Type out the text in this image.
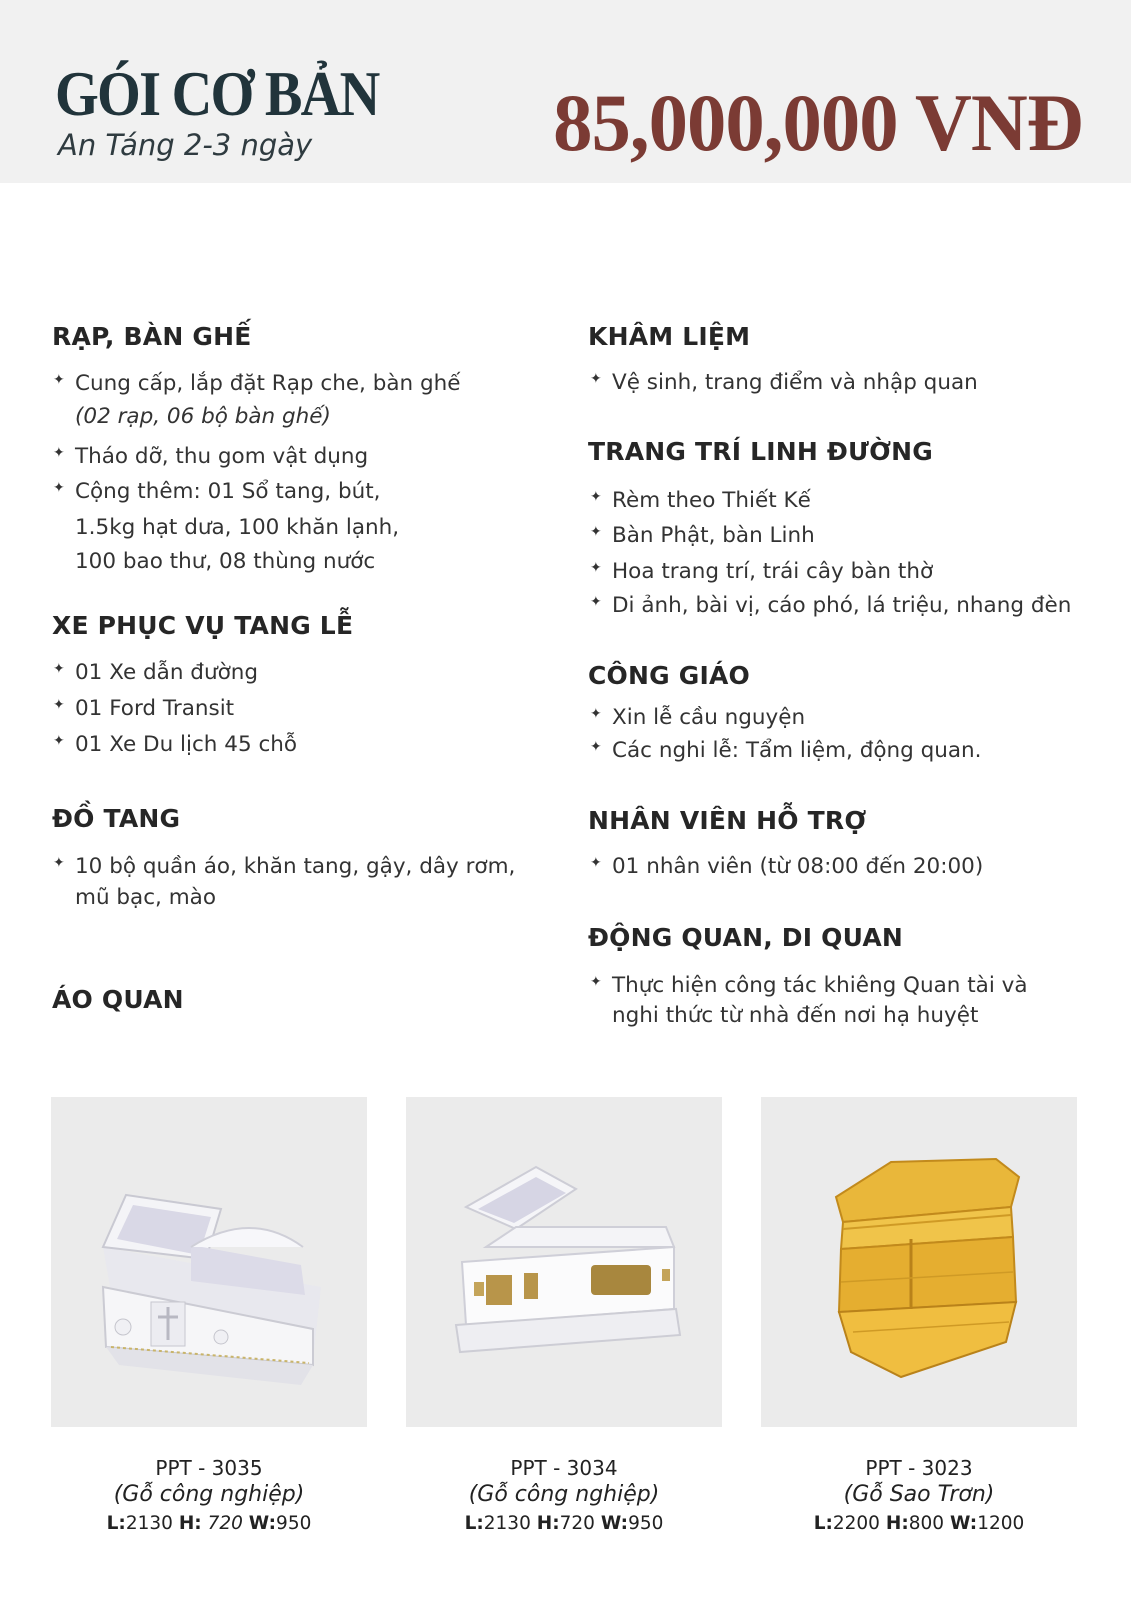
GÓI CƠ BẢN
An Táng 2-3 ngày	85,000,000 VNĐ
RẠP, BÀN GHẾ
✦ Cung cấp, lắp đặt Rạp che, bàn ghế
(02 rạp, 06 bộ bàn ghế)
✦ Tháo dỡ, thu gom vật dụng
✦ Cộng thêm: 01 Sổ tang, bút,
1.5kg hạt dưa, 100 khăn lạnh,
100 bao thư, 08 thùng nước
XE PHỤC VỤ TANG LỄ
✦ 01 Xe dẫn đường
✦ 01 Ford Transit
✦ 01 Xe Du lịch 45 chỗ
ĐỒ TANG
✦ 10 bộ quần áo, khăn tang, gậy, dây rơm,
mũ bạc, mào
ÁO QUAN
KHÂM LIỆM
✦ Vệ sinh, trang điểm và nhập quan
TRANG TRÍ LINH ĐƯỜNG
✦ Rèm theo Thiết Kế
✦ Bàn Phật, bàn Linh
✦ Hoa trang trí, trái cây bàn thờ
✦ Di ảnh, bài vị, cáo phó, lá triệu, nhang đèn
CÔNG GIÁO
✦ Xin lễ cầu nguyện
✦ Các nghi lễ: Tẩm liệm, động quan.
NHÂN VIÊN HỖ TRỢ
✦ 01 nhân viên (từ 08:00 đến 20:00)
ĐỘNG QUAN, DI QUAN
✦ Thực hiện công tác khiêng Quan tài và
nghi thức từ nhà đến nơi hạ huyệt
PPT - 3035
(Gỗ công nghiệp)
L:2130 H: 720 W:950
PPT - 3034
(Gỗ công nghiệp)
L:2130 H:720 W:950
PPT - 3023
(Gỗ Sao Trơn)
L:2200 H:800 W:1200
